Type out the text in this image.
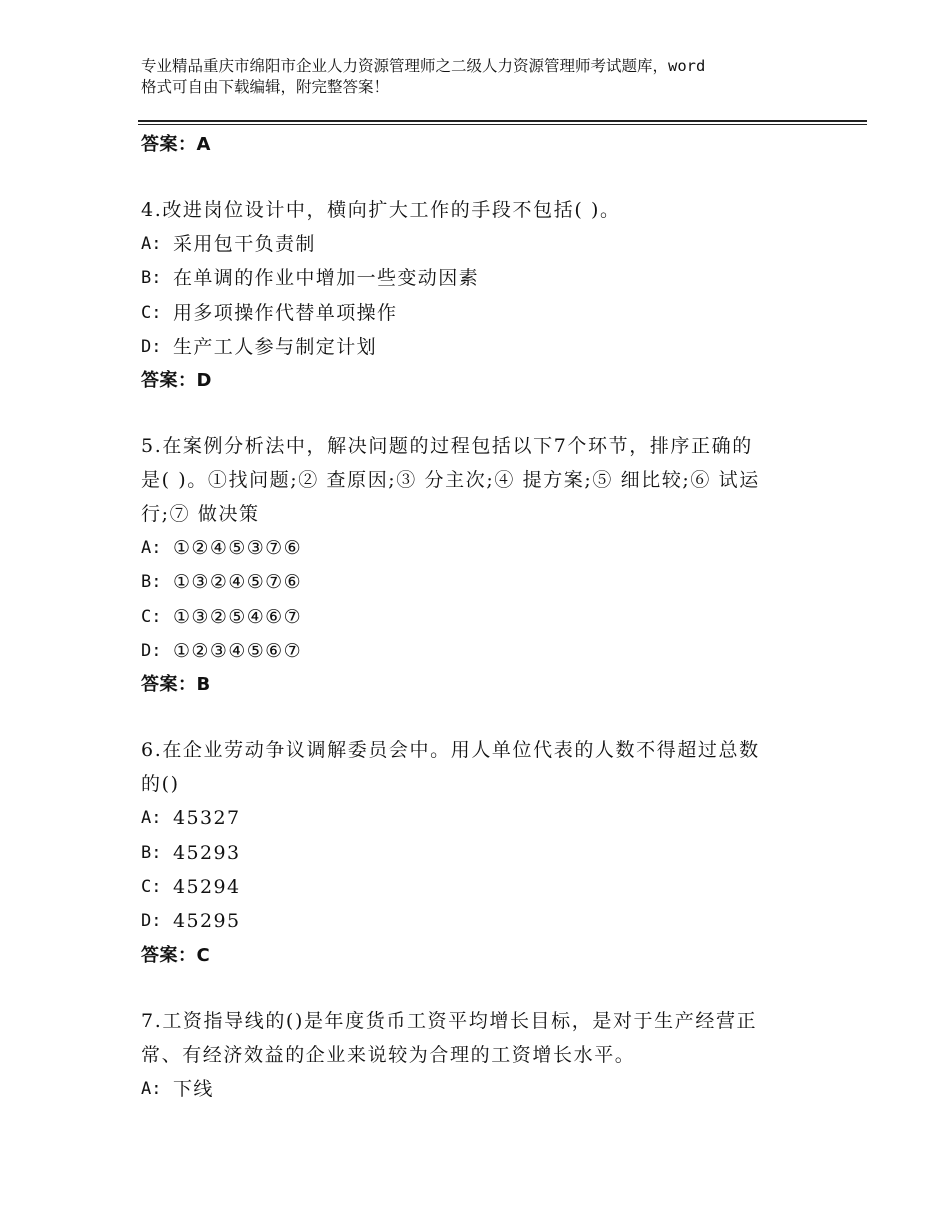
专业精品重庆市绵阳市企业人力资源管理师之二级人力资源管理师考试题库，word
格式可自由下载编辑，附完整答案！
答案：A
4.改进岗位设计中，横向扩大工作的手段不包括( )。
A: 采用包干负责制
B: 在单调的作业中增加一些变动因素
C: 用多项操作代替单项操作
D: 生产工人参与制定计划
答案：D
5.在案例分析法中，解决问题的过程包括以下7个环节，排序正确的
是( )。①找问题;② 查原因;③ 分主次;④ 提方案;⑤ 细比较;⑥ 试运
行;⑦ 做决策
A: ①②④⑤③⑦⑥
B: ①③②④⑤⑦⑥
C: ①③②⑤④⑥⑦
D: ①②③④⑤⑥⑦
答案：B
6.在企业劳动争议调解委员会中。用人单位代表的人数不得超过总数
的()
A: 45327
B: 45293
C: 45294
D: 45295
答案：C
7.工资指导线的()是年度货币工资平均增长目标，是对于生产经营正
常、有经济效益的企业来说较为合理的工资增长水平。
A: 下线
